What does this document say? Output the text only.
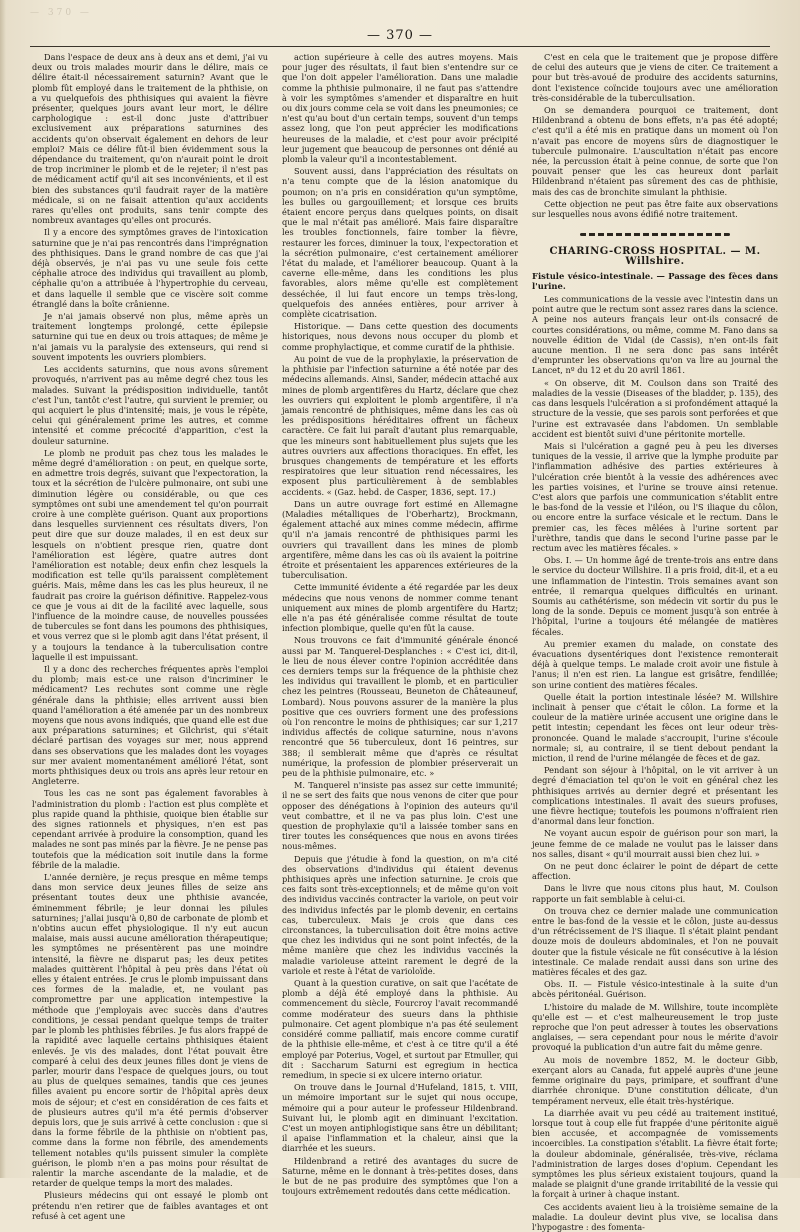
— 370 —
— 370 —

Dans l'espace de deux ans à deux ans et demi, j'ai vu deux ou trois malades mourir dans le délire, mais ce délire était-il nécessairement saturnin? Avant que le plomb fût employé dans le traitement de la phthisie, on a vu quelquefois des phthisiques qui avaient la fièvre présenter, quelques jours avant leur mort, le délire carphologique : est-il donc juste d'attribuer exclusivement aux préparations saturnines des accidents qu'on observait également en dehors de leur emploi? Mais ce délire fût-il bien évidemment sous la dépendance du traitement, qu'on n'aurait point le droit de trop incriminer le plomb et de le rejeter; il n'est pas de médicament actif qu'il ait ses inconvénients, et il est bien des substances qu'il faudrait rayer de la matière médicale, si on ne faisait attention qu'aux accidents rares qu'elles ont produits, sans tenir compte des nombreux avantages qu'elles ont procurés.

Il y a encore des symptômes graves de l'intoxication saturnine que je n'ai pas rencontrés dans l'imprégnation des phthisiques. Dans le grand nombre de cas que j'ai déjà observés, je n'ai pas vu une seule fois cette céphalie atroce des individus qui travaillent au plomb, céphalie qu'on a attribuée à l'hypertrophie du cerveau, et dans laquelle il semble que ce viscère soit comme étranglé dans la boîte crânienne.

Je n'ai jamais observé non plus, même après un traitement longtemps prolongé, cette épilepsie saturnine qui tue en deux ou trois attaques; de même je n'ai jamais vu la paralysie des extenseurs, qui rend si souvent impotents les ouvriers plombiers.

Les accidents saturnins, que nous avons sûrement provoqués, n'arrivent pas au même degré chez tous les malades. Suivant la prédisposition individuelle, tantôt c'est l'un, tantôt c'est l'autre, qui survient le premier, ou qui acquiert le plus d'intensité; mais, je vous le répète, celui qui généralement prime les autres, et comme intensité et comme précocité d'apparition, c'est la douleur saturnine.

Le plomb ne produit pas chez tous les malades le même degré d'amélioration : on peut, en quelque sorte, en admettre trois degrés, suivant que l'expectoration, la toux et la sécrétion de l'ulcère pulmonaire, ont subi une diminution légère ou considérable, ou que ces symptômes ont subi une amendement tel qu'on pourrait croire à une complète guérison. Quant aux proportions dans lesquelles surviennent ces résultats divers, l'on peut dire que sur douze malades, il en est deux sur lesquels on n'obtient presque rien, quatre dont l'amélioration est légère, quatre autres dont l'amélioration est notable; deux enfin chez lesquels la modification est telle qu'ils paraissent complètement guéris. Mais, même dans les cas les plus heureux, il ne faudrait pas croire la guérison définitive. Rappelez-vous ce que je vous ai dit de la facilité avec laquelle, sous l'influence de la moindre cause, de nouvelles poussées de tubercules se font dans les poumons des phthisiques, et vous verrez que si le plomb agit dans l'état présent, il y a toujours la tendance à la tuberculisation contre laquelle il est impuissant.

Il y a donc des recherches fréquentes après l'emploi du plomb; mais est-ce une raison d'incriminer le médicament? Les rechutes sont comme une règle générale dans la phthisie; elles arrivent aussi bien quand l'amélioration a été amenée par un des nombreux moyens que nous avons indiqués, que quand elle est due aux préparations saturnines; et Gilchrist, qui s'était déclaré partisan des voyages sur mer, nous apprend dans ses observations que les malades dont les voyages sur mer avaient momentanément amélioré l'état, sont morts phthisiques deux ou trois ans après leur retour en Angleterre.

Tous les cas ne sont pas également favorables à l'administration du plomb : l'action est plus complète et plus rapide quand la phthisie, quoique bien établie sur des signes rationnels et physiques, n'en est pas cependant arrivée à produire la consomption, quand les malades ne sont pas minés par la fièvre. Je ne pense pas toutefois que la médication soit inutile dans la forme fébrile de la maladie.

L'année dernière, je reçus presque en même temps dans mon service deux jeunes filles de seize ans présentant toutes deux une phthisie avancée, éminemment fébrile; je leur donnai les pilules saturnines; j'allai jusqu'à 0,80 de carbonate de plomb et n'obtins aucun effet physiologique. Il n'y eut aucun malaise, mais aussi aucune amélioration thérapeutique; les symptômes ne présentèrent pas une moindre intensité, la fièvre ne disparut pas; les deux petites malades quittèrent l'hôpital à peu près dans l'état où elles y étaient entrées. Je crus le plomb impuissant dans ces formes de la maladie, et, ne voulant pas compromettre par une application intempestive la méthode que j'employais avec succès dans d'autres conditions, je cessai pendant quelque temps de traiter par le plomb les phthisies fébriles. Je fus alors frappé de la rapidité avec laquelle certains phthisiques étaient enlevés. Je vis des malades, dont l'état pouvait être comparé à celui des deux jeunes filles dont je viens de parler, mourir dans l'espace de quelques jours, ou tout au plus de quelques semaines, tandis que ces jeunes filles avaient pu encore sortir de l'hôpital après deux mois de séjour; et c'est en considération de ces faits et de plusieurs autres qu'il m'a été permis d'observer depuis lors, que je suis arrivé à cette conclusion : que si dans la forme fébrile de la phthisie on n'obtient pas, comme dans la forme non fébrile, des amendements tellement notables qu'ils puissent simuler la complète guérison, le plomb n'en a pas moins pour résultat de ralentir la marche ascendante de la maladie, et de retarder de quelque temps la mort des malades.

Plusieurs médecins qui ont essayé le plomb ont prétendu n'en retirer que de faibles avantages et ont refusé à cet agent une

action supérieure à celle des autres moyens. Mais pour juger des résultats, il faut bien s'entendre sur ce que l'on doit appeler l'amélioration. Dans une maladie comme la phthisie pulmonaire, il ne faut pas s'attendre à voir les symptômes s'amender et disparaître en huit ou dix jours comme cela se voit dans les pneumonies; ce n'est qu'au bout d'un certain temps, souvent d'un temps assez long, que l'on peut apprécier les modifications heureuses de la maladie, et c'est pour avoir précipité leur jugement que beaucoup de personnes ont dénié au plomb la valeur qu'il a incontestablement.

Souvent aussi, dans l'appréciation des résultats on n'a tenu compte que de la lésion anatomique du poumon; on n'a pris en considération qu'un symptôme, les bulles ou gargouillement; et lorsque ces bruits étaient encore perçus dans quelques points, on disait que le mal n'était pas amélioré. Mais faire disparaître les troubles fonctionnels, faire tomber la fièvre, restaurer les forces, diminuer la toux, l'expectoration et la sécrétion pulmonaire, c'est certainement améliorer l'état du malade, et l'améliorer beaucoup. Quant à la caverne elle-même, dans les conditions les plus favorables, alors même qu'elle est complètement desséchée, il lui faut encore un temps très-long, quelquefois des années entières, pour arriver à complète cicatrisation.

Historique. — Dans cette question des documents historiques, nous devons nous occuper du plomb et comme prophylactique, et comme curatif de la phthisie.

Au point de vue de la prophylaxie, la préservation de la phthisie par l'infection saturnine a été notée par des médecins allemands. Ainsi, Sander, médecin attaché aux mines de plomb argentifères du Hartz, déclare que chez les ouvriers qui exploitent le plomb argentifère, il n'a jamais rencontré de phthisiques, même dans les cas où les prédispositions héréditaires offrent un fâcheux caractère. Ce fait lui paraît d'autant plus remarquable, que les mineurs sont habituellement plus sujets que les autres ouvriers aux affections thoraciques. En effet, les brusques changements de température et les efforts respiratoires que leur situation rend nécessaires, les exposent plus particulièrement à de semblables accidents. « (Gaz. hebd. de Casper, 1836, sept. 17.)

Dans un autre ouvrage fort estimé en Allemagne (Maladies métalliques de l'Oberhartz), Brockmann, également attaché aux mines comme médecin, affirme qu'il n'a jamais rencontré de phthisiques parmi les ouvriers qui travaillent dans les mines de plomb argentifère, même dans les cas où ils avaient la poitrine étroite et présentaient les apparences extérieures de la tuberculisation.

Cette immunité évidente a été regardée par les deux médecins que nous venons de nommer comme tenant uniquement aux mines de plomb argentifère du Hartz; elle n'a pas été généralisée comme résultat de toute infection plombique, quelle qu'en fût la cause.

Nous trouvons ce fait d'immunité générale énoncé aussi par M. Tanquerel-Desplanches : « C'est ici, dit-il, le lieu de nous élever contre l'opinion accréditée dans ces derniers temps sur la fréquence de la phthisie chez les individus qui travaillent le plomb, et en particulier chez les peintres (Rousseau, Beuneton de Châteauneuf, Lombard). Nous pouvons assurer de la manière la plus positive que ces ouvriers forment une des professions où l'on rencontre le moins de phthisiques; car sur 1,217 individus affectés de colique saturnine, nous n'avons rencontré que 56 tuberculeux, dont 16 peintres, sur 388; il semblerait même que d'après ce résultat numérique, la profession de plombier préserverait un peu de la phthisie pulmonaire, etc. »

M. Tanquerel n'insiste pas assez sur cette immunité; il ne se sert des faits que nous venons de citer que pour opposer des dénégations à l'opinion des auteurs qu'il veut combattre, et il ne va pas plus loin. C'est une question de prophylaxie qu'il a laissée tomber sans en tirer toutes les conséquences que nous en avons tirées nous-mêmes.

Depuis que j'étudie à fond la question, on m'a cité des observations d'individus qui étaient devenus phthisiques après une infection saturnine. Je crois que ces faits sont très-exceptionnels; et de même qu'on voit des individus vaccinés contracter la variole, on peut voir des individus infectés par le plomb devenir, en certains cas, tuberculeux. Mais je crois que dans ces circonstances, la tuberculisation doit être moins active que chez les individus qui ne sont point infectés, de la même manière que chez les individus vaccinés la maladie varioleuse atteint rarement le degré de la variole et reste à l'état de varioloïde.

Quant à la question curative, on sait que l'acétate de plomb a déjà été employé dans la phthisie. Au commencement du siècle, Fourcroy l'avait recommandé comme modérateur des sueurs dans la phthisie pulmonaire. Cet agent plombique n'a pas été seulement considéré comme palliatif, mais encore comme curatif de la phthisie elle-même, et c'est à ce titre qu'il a été employé par Poterius, Vogel, et surtout par Etmuller, qui dit : Saccharum Saturni est egregium in hectica remedium, in specie si ex ulcere interno oriatur.

On trouve dans le Journal d'Hufeland, 1815, t. VIII, un mémoire important sur le sujet qui nous occupe, mémoire qui a pour auteur le professeur Hildenbrand. Suivant lui, le plomb agit en diminuant l'excitation. C'est un moyen antiphlogistique sans être un débilitant; il apaise l'inflammation et la chaleur, ainsi que la diarrhée et les sueurs.

Hildenbrand a retiré des avantages du sucre de Saturne, même en le donnant à très-petites doses, dans le but de ne pas produire des symptômes que l'on a toujours extrêmement redoutés dans cette médication.

C'est en cela que le traitement que je propose diffère de celui des auteurs que je viens de citer. Ce traitement a pour but très-avoué de produire des accidents saturnins, dont l'existence coïncide toujours avec une amélioration très-considérable de la tuberculisation.

On se demandera pourquoi ce traitement, dont Hildenbrand a obtenu de bons effets, n'a pas été adopté; c'est qu'il a été mis en pratique dans un moment où l'on n'avait pas encore de moyens sûrs de diagnostiquer le tubercule pulmonaire. L'auscultation n'était pas encore née, la percussion était à peine connue, de sorte que l'on pouvait penser que les cas heureux dont parlait Hildenbrand n'étaient pas sûrement des cas de phthisie, mais des cas de bronchite simulant la phthisie.

Cette objection ne peut pas être faite aux observations sur lesquelles nous avons édifié notre traitement.

CHARING-CROSS HOSPITAL. — M. Willshire.
Fistule vésico-intestinale. — Passage des fèces dans l'urine.

Les communications de la vessie avec l'intestin dans un point autre que le rectum sont assez rares dans la science. A peine nos auteurs français leur ont-ils consacré de courtes considérations, ou même, comme M. Fano dans sa nouvelle édition de Vidal (de Cassis), n'en ont-ils fait aucune mention. Il ne sera donc pas sans intérêt d'emprunter les observations qu'on va lire au journal the Lancet, nº du 12 et du 20 avril 1861.

« On observe, dit M. Coulson dans son Traité des maladies de la vessie (Diseases of the bladder, p. 135), des cas dans lesquels l'ulcération a si profondément attaqué la structure de la vessie, que ses parois sont perforées et que l'urine est extravasée dans l'abdomen. Un semblable accident est bientôt suivi d'une péritonite mortelle.

Mais si l'ulcération a gagné peu à peu les diverses tuniques de la vessie, il arrive que la lymphe produite par l'inflammation adhésive des parties extérieures à l'ulcération crée bientôt à la vessie des adhérences avec les parties voisines, et l'urine se trouve ainsi retenue. C'est alors que parfois une communication s'établit entre le bas-fond de la vessie et l'iléon, ou l'S iliaque du côlon, ou encore entre la surface vésicale et le rectum. Dans le premier cas, les fèces mêlées à l'urine sortent par l'urèthre, tandis que dans le second l'urine passe par le rectum avec les matières fécales. »

Obs. I. — Un homme âgé de trente-trois ans entre dans le service du docteur Willshire. Il a pris froid, dit-il, et a eu une inflammation de l'intestin. Trois semaines avant son entrée, il remarqua quelques difficultés en urinant. Soumis au cathétérisme, son médecin vit sortir du pus le long de la sonde. Depuis ce moment jusqu'à son entrée à l'hôpital, l'urine a toujours été mélangée de matières fécales.

Au premier examen du malade, on constate des évacuations dysentériques dont l'existence remonterait déjà à quelque temps. Le malade croit avoir une fistule à l'anus; il n'en est rien. La langue est grisâtre, fendillée; son urine contient des matières fécales.

Quelle était la portion intestinale lésée? M. Willshire inclinait à penser que c'était le côlon. La forme et la couleur de la matière urinée accusent une origine dans le petit intestin; cependant les fèces ont leur odeur très-prononcée. Quand le malade s'accroupit, l'urine s'écoule normale; si, au contraire, il se tient debout pendant la miction, il rend de l'urine mélangée de fèces et de gaz.

Pendant son séjour à l'hôpital, on le vit arriver à un degré d'émaciation tel qu'on le voit en général chez les phthisiques arrivés au dernier degré et présentant les complications intestinales. Il avait des sueurs profuses, une fièvre hectique; toutefois les poumons n'offraient rien d'anormal dans leur fonction.

Ne voyant aucun espoir de guérison pour son mari, la jeune femme de ce malade ne voulut pas le laisser dans nos salles, disant « qu'il mourrait aussi bien chez lui. »

On ne peut donc éclairer le point de départ de cette affection.

Dans le livre que nous citons plus haut, M. Coulson rapporte un fait semblable à celui-ci.

On trouva chez ce dernier malade une communication entre le bas-fond de la vessie et le côlon, juste au-dessus d'un rétrécissement de l'S iliaque. Il s'était plaint pendant douze mois de douleurs abdominales, et l'on ne pouvait douter que la fistule vésicale ne fût consécutive à la lésion intestinale. Ce malade rendait aussi dans son urine des matières fécales et des gaz.

Obs. II. — Fistule vésico-intestinale à la suite d'un abcès péritonéal. Guérison.

L'histoire du malade de M. Willshire, toute incomplète qu'elle est — et c'est malheureusement le trop juste reproche que l'on peut adresser à toutes les observations anglaises, — sera cependant pour nous le mérite d'avoir provoqué la publication d'un autre fait du même genre.

Au mois de novembre 1852, M. le docteur Gibb, exerçant alors au Canada, fut appelé auprès d'une jeune femme originaire du pays, primipare, et souffrant d'une diarrhée chronique. D'une constitution délicate, d'un tempérament nerveux, elle était très-hystérique.

La diarrhée avait vu peu cédé au traitement institué, lorsque tout à coup elle fut frappée d'une péritonite aiguë bien accusée, et accompagnée de vomissements incoercibles. La constipation s'établit. La fièvre était forte; la douleur abdominale, généralisée, très-vive, réclama l'administration de larges doses d'opium. Cependant les symptômes les plus sérieux existaient toujours, quand la malade se plaignit d'une grande irritabilité de la vessie qui la forçait à uriner à chaque instant.

Ces accidents avaient lieu à la troisième semaine de la maladie. La douleur devint plus vive, se localisa dans l'hypogastre : des fomenta-
